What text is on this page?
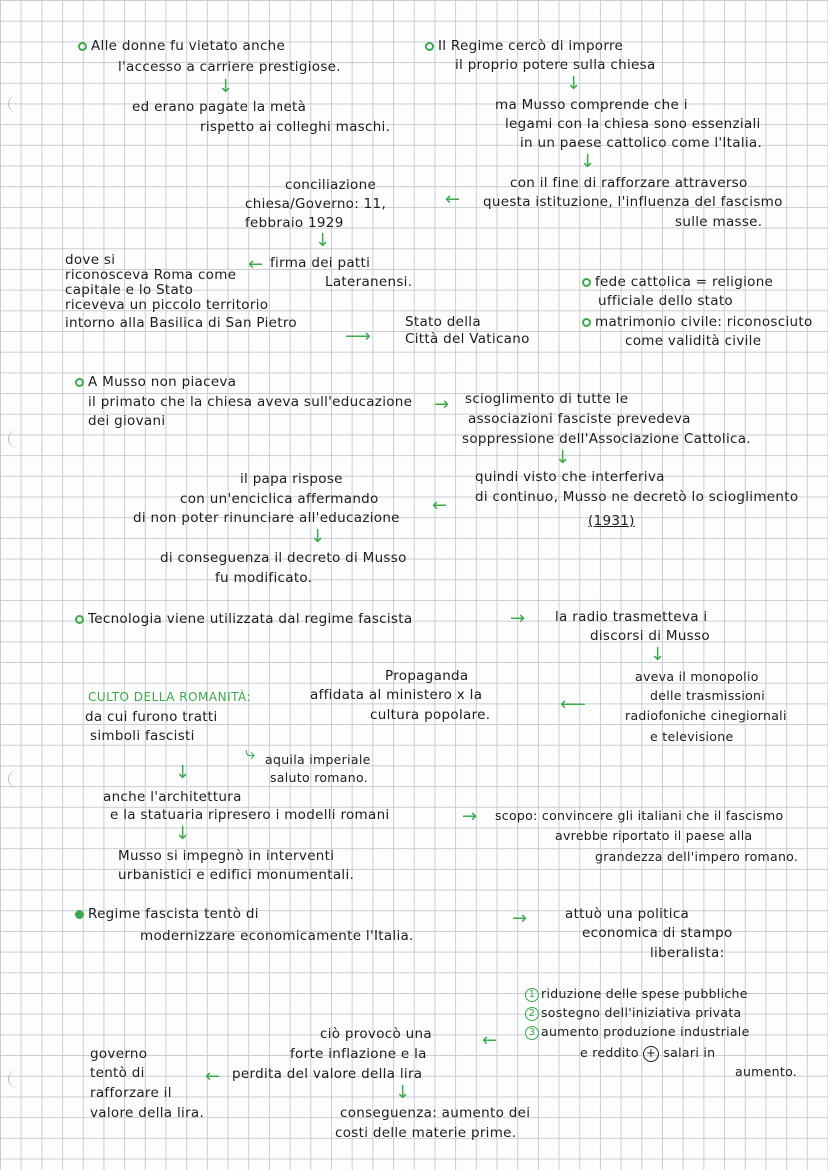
Alle donne fu vietato anche
l'accesso a carriere prestigiose.
↓
ed erano pagate la metà
rispetto ai colleghi maschi.
Il Regime cercò di imporre
il proprio potere sulla chiesa
↓
ma Musso comprende che i
legami con la chiesa sono essenziali
in un paese cattolico come l'Italia.
↓
con il fine di rafforzare attraverso
questa istituzione, l'influenza del fascismo
sulle masse.
←
conciliazione
chiesa/Governo: 11,
febbraio 1929
↓
← firma dei patti
Lateranensi.
dove si
riconosceva Roma come
capitale e lo Stato
riceveva un piccolo territorio
intorno alla Basilica di San Pietro
⟶
Stato della
Città del Vaticano
fede cattolica = religione
ufficiale dello stato
matrimonio civile: riconosciuto
come validità civile
A Musso non piaceva
il primato che la chiesa aveva sull'educazione
dei giovani
→ scioglimento di tutte le
associazioni fasciste prevedeva
soppressione dell'Associazione Cattolica.
↓
quindi visto che interferiva
di continuo, Musso ne decretò lo scioglimento
(1931)
il papa rispose
con un'enciclica affermando
di non poter rinunciare all'educazione
←
↓
di conseguenza il decreto di Musso
fu modificato.
Tecnologia viene utilizzata dal regime fascista	→ la radio trasmetteva i
discorsi di Musso
↓
aveva il monopolio
delle trasmissioni
radiofoniche cinegiornali
e televisione
⟵
Propaganda
affidata al ministero x la
cultura popolare.
CULTO DELLA ROMANITÀ:
da cui furono tratti
simboli fascisti
⤷ aquila imperiale
saluto romano.
↓
anche l'architettura
e la statuaria ripresero i modelli romani
↓
Musso si impegnò in interventi
urbanistici e edifici monumentali.
→ scopo: convincere gli italiani che il fascismo
avrebbe riportato il paese alla
grandezza dell'impero romano.
Regime fascista tentò di
modernizzare economicamente l'Italia.
→	attuò una politica
economica di stampo
liberalista:
1 riduzione delle spese pubbliche
2 sostegno dell'iniziativa privata
3 aumento produzione industriale
e reddito + salari in
aumento.
←
ciò provocò una
forte inflazione e la
perdita del valore della lira
←
governo
tentò di
rafforzare il
valore della lira.
↓
conseguenza: aumento dei
costi delle materie prime.
